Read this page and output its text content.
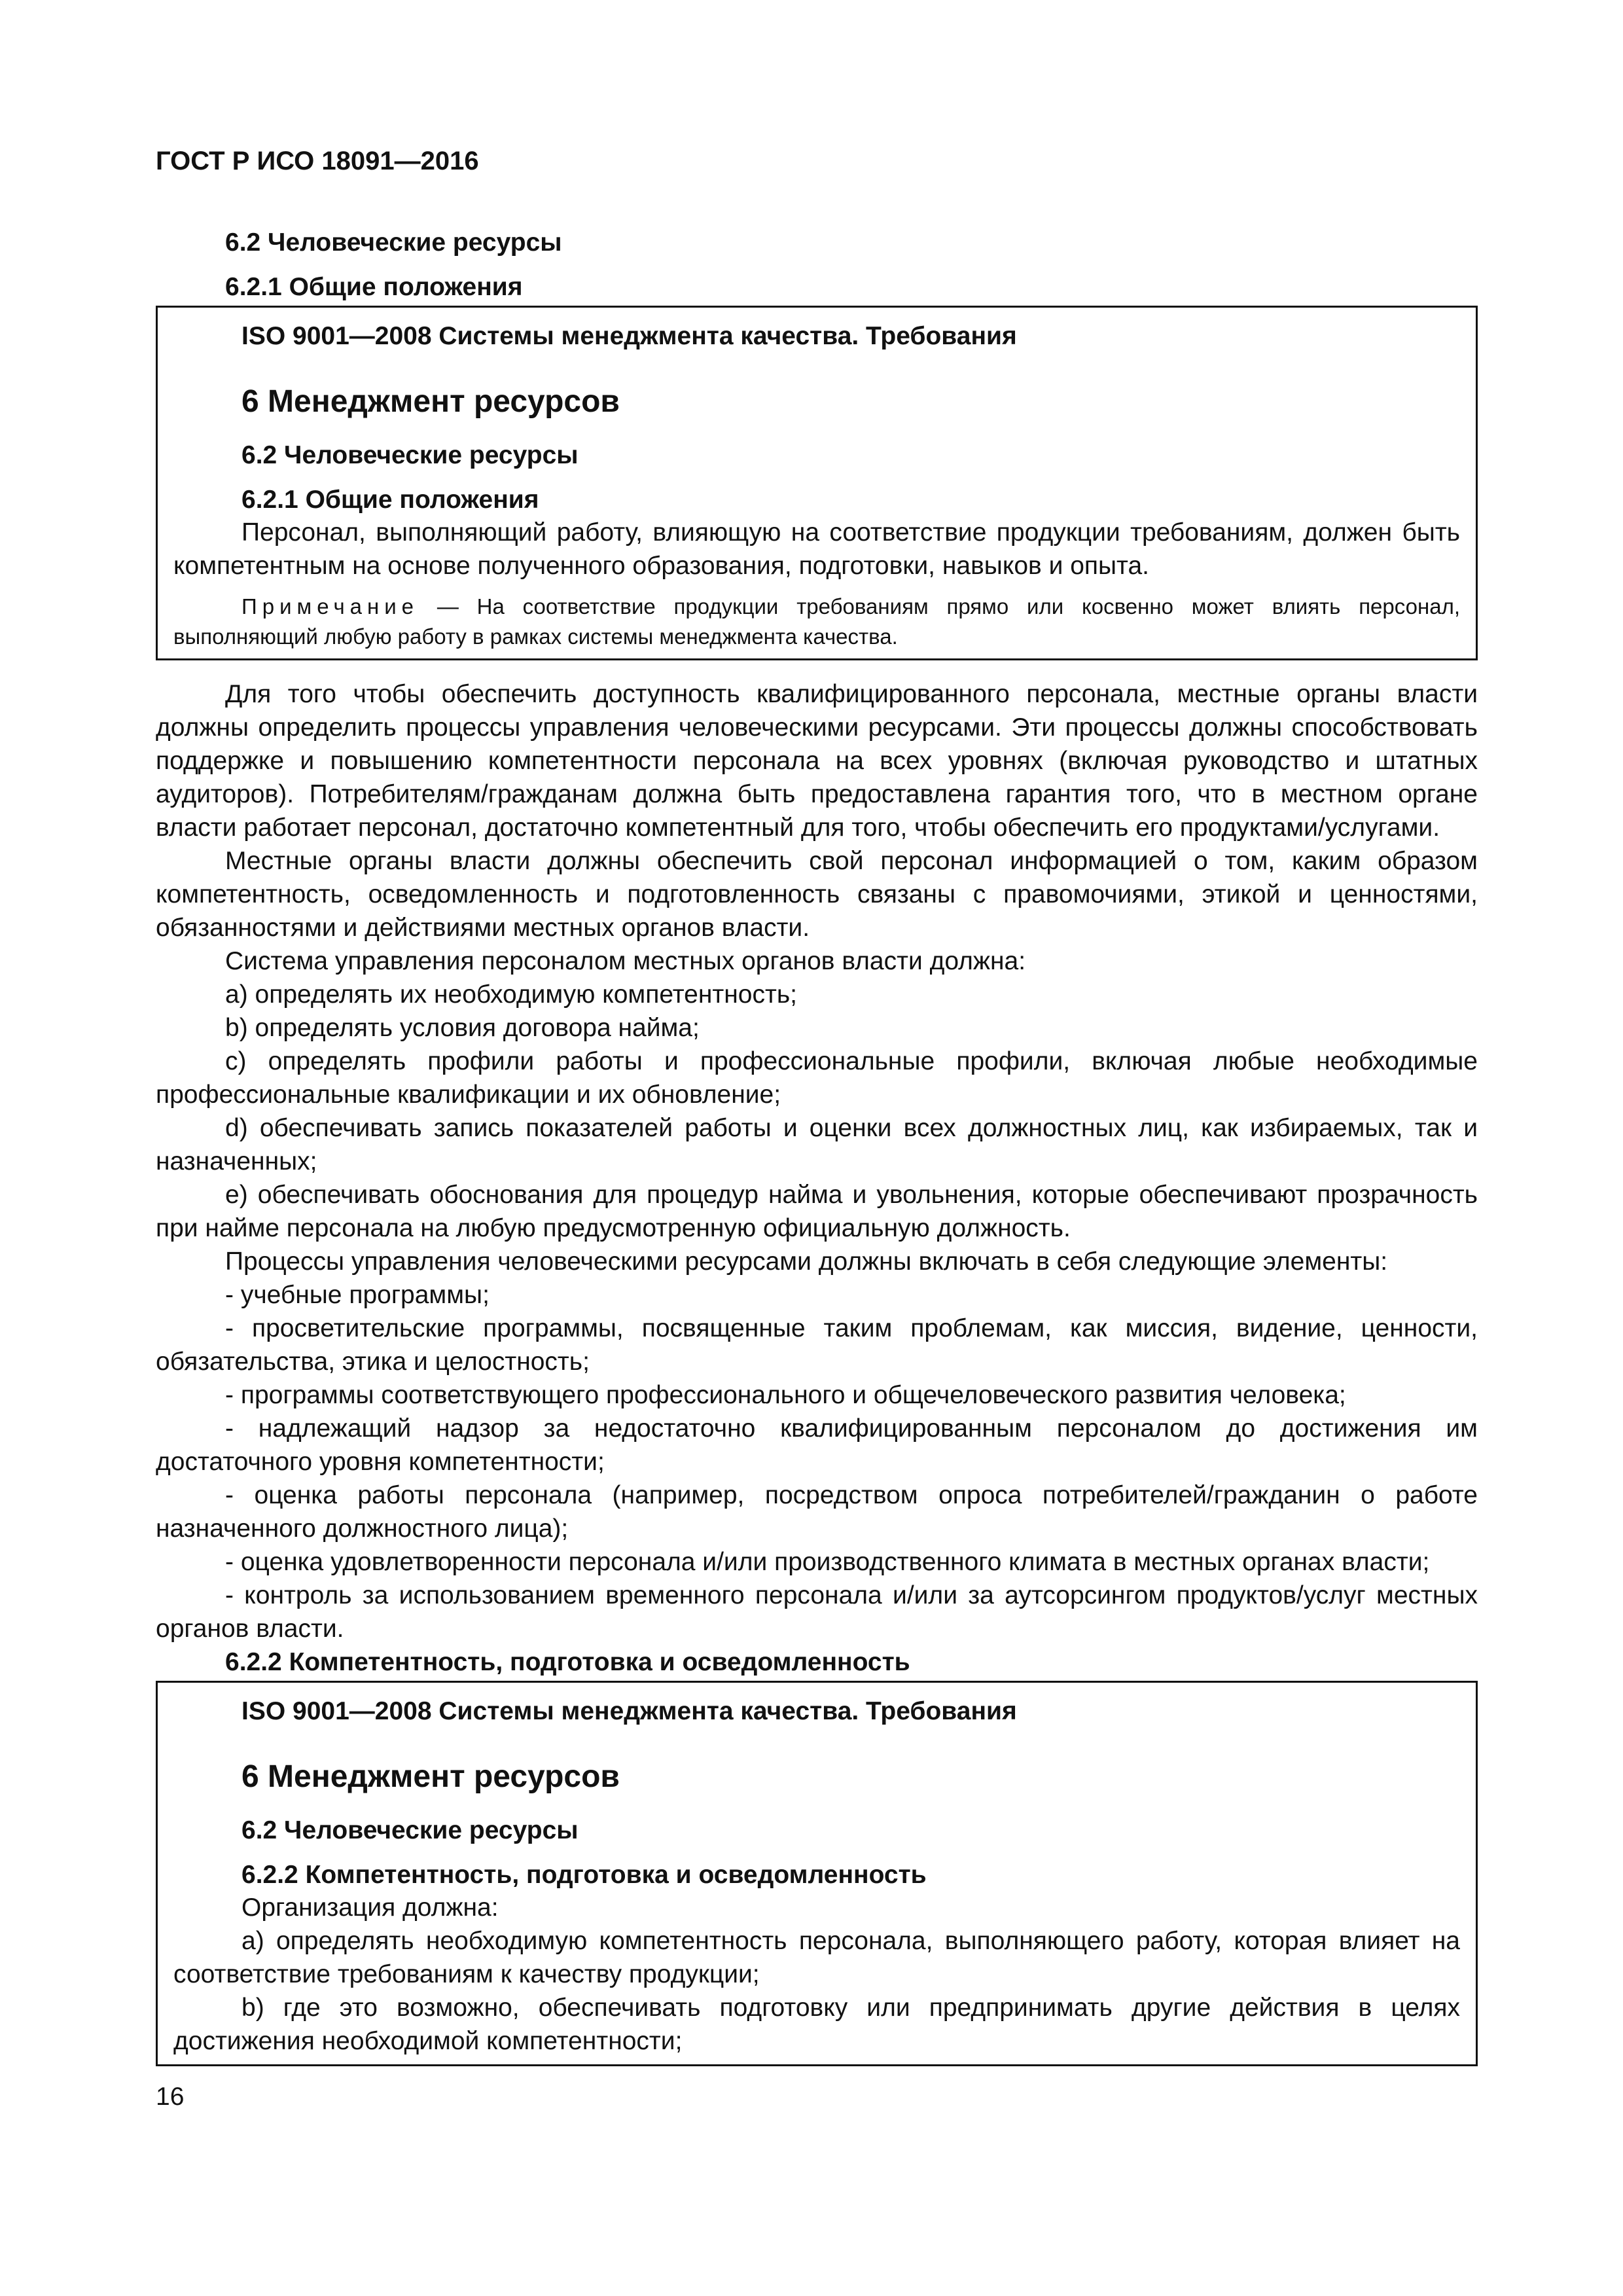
ГОСТ Р ИСО 18091—2016
6.2 Человеческие ресурсы
6.2.1 Общие положения
ISO 9001—2008 Системы менеджмента качества. Требования
6 Менеджмент ресурсов
6.2 Человеческие ресурсы
6.2.1 Общие положения

Персонал, выполняющий работу, влияющую на соответствие продукции требованиям, должен быть компетентным на основе полученного образования, подготовки, навыков и опыта.

Примечание — На соответствие продукции требованиям прямо или косвенно может влиять персонал, выполняющий любую работу в рамках системы менеджмента качества.

Для того чтобы обеспечить доступность квалифицированного персонала, местные органы власти должны определить процессы управления человеческими ресурсами. Эти процессы должны способствовать поддержке и повышению компетентности персонала на всех уровнях (включая руководство и штатных аудиторов). Потребителям/гражданам должна быть предоставлена гарантия того, что в местном органе власти работает персонал, достаточно компетентный для того, чтобы обеспечить его продуктами/услугами.

Местные органы власти должны обеспечить свой персонал информацией о том, каким образом компетентность, осведомленность и подготовленность связаны с правомочиями, этикой и ценностями, обязанностями и действиями местных органов власти.

Система управления персоналом местных органов власти должна:

a) определять их необходимую компетентность;

b) определять условия договора найма;

c) определять профили работы и профессиональные профили, включая любые необходимые профессиональные квалификации и их обновление;

d) обеспечивать запись показателей работы и оценки всех должностных лиц, как избираемых, так и назначенных;

e) обеспечивать обоснования для процедур найма и увольнения, которые обеспечивают прозрачность при найме персонала на любую предусмотренную официальную должность.

Процессы управления человеческими ресурсами должны включать в себя следующие элементы:

- учебные программы;

- просветительские программы, посвященные таким проблемам, как миссия, видение, ценности, обязательства, этика и целостность;

- программы соответствующего профессионального и общечеловеческого развития человека;

- надлежащий надзор за недостаточно квалифицированным персоналом до достижения им достаточного уровня компетентности;

- оценка работы персонала (например, посредством опроса потребителей/гражданин о работе назначенного должностного лица);

- оценка удовлетворенности персонала и/или производственного климата в местных органах власти;

- контроль за использованием временного персонала и/или за аутсорсингом продуктов/услуг местных органов власти.

6.2.2 Компетентность, подготовка и осведомленность
ISO 9001—2008 Системы менеджмента качества. Требования
6 Менеджмент ресурсов
6.2 Человеческие ресурсы
6.2.2 Компетентность, подготовка и осведомленность

Организация должна:

a) определять необходимую компетентность персонала, выполняющего работу, которая влияет на соответствие требованиям к качеству продукции;

b) где это возможно, обеспечивать подготовку или предпринимать другие действия в целях достижения необходимой компетентности;

16
